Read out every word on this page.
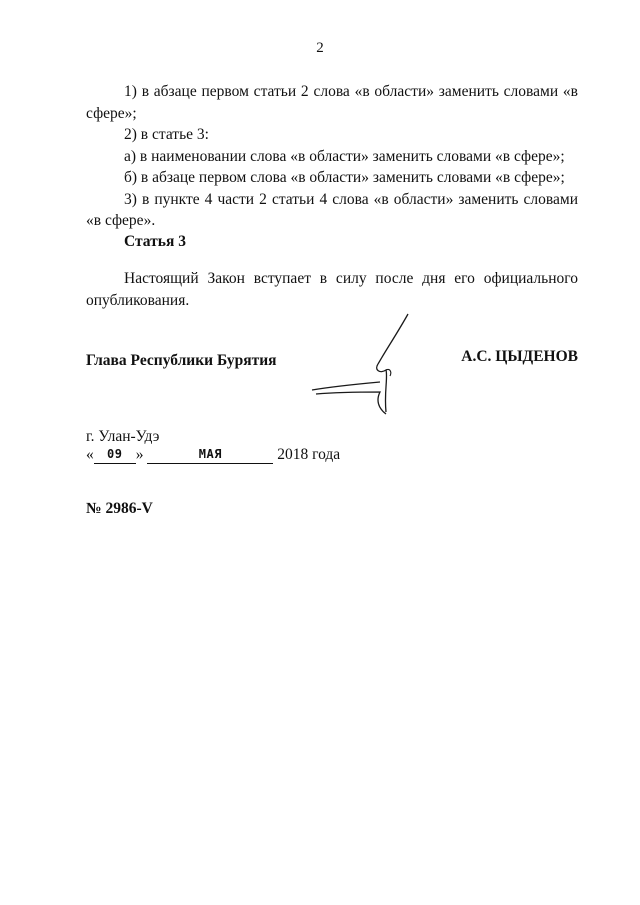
2

1) в абзаце первом статьи 2 слова «в области» заменить словами «в сфере»;

2) в статье 3:

а) в наименовании слова «в области» заменить словами «в сфере»;

б) в абзаце первом слова «в области» заменить словами «в сфере»;

3) в пункте 4 части 2 статьи 4 слова «в области» заменить словами «в сфере».

Статья 3

Настоящий Закон вступает в силу после дня его официального опубликования.

Глава Республики Бурятия	А.С. ЦЫДЕНОВ
г. Улан-Удэ
« 09 »	МАЯ	2018 года
№ 2986-V
